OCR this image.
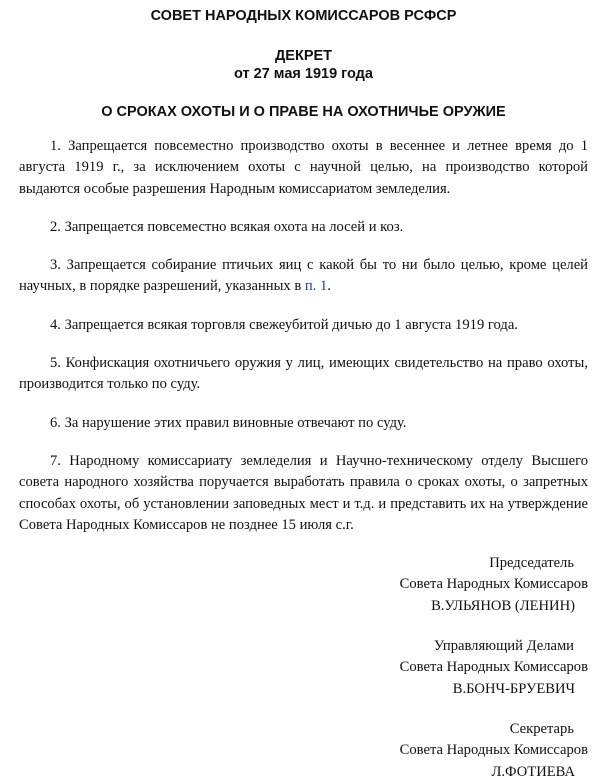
СОВЕТ НАРОДНЫХ КОМИССАРОВ РСФСР
ДЕКРЕТ
от 27 мая 1919 года
О СРОКАХ ОХОТЫ И О ПРАВЕ НА ОХОТНИЧЬЕ ОРУЖИЕ

1. Запрещается повсеместно производство охоты в весеннее и летнее время до 1 августа 1919 г., за исключением охоты с научной целью, на производство которой выдаются особые разрешения Народным комиссариатом земледелия.

2. Запрещается повсеместно всякая охота на лосей и коз.

3. Запрещается собирание птичьих яиц с какой бы то ни было целью, кроме целей научных, в порядке разрешений, указанных в п. 1.

4. Запрещается всякая торговля свежеубитой дичью до 1 августа 1919 года.

5. Конфискация охотничьего оружия у лиц, имеющих свидетельство на право охоты, производится только по суду.

6. За нарушение этих правил виновные отвечают по суду.

7. Народному комиссариату земледелия и Научно-техническому отделу Высшего совета народного хозяйства поручается выработать правила о сроках охоты, о запретных способах охоты, об установлении заповедных мест и т.д. и представить их на утверждение Совета Народных Комиссаров не позднее 15 июля с.г.

Председатель
Совета Народных Комиссаров
В.УЛЬЯНОВ (ЛЕНИН)
Управляющий Делами
Совета Народных Комиссаров
В.БОНЧ-БРУЕВИЧ
Секретарь
Совета Народных Комиссаров
Л.ФОТИЕВА
